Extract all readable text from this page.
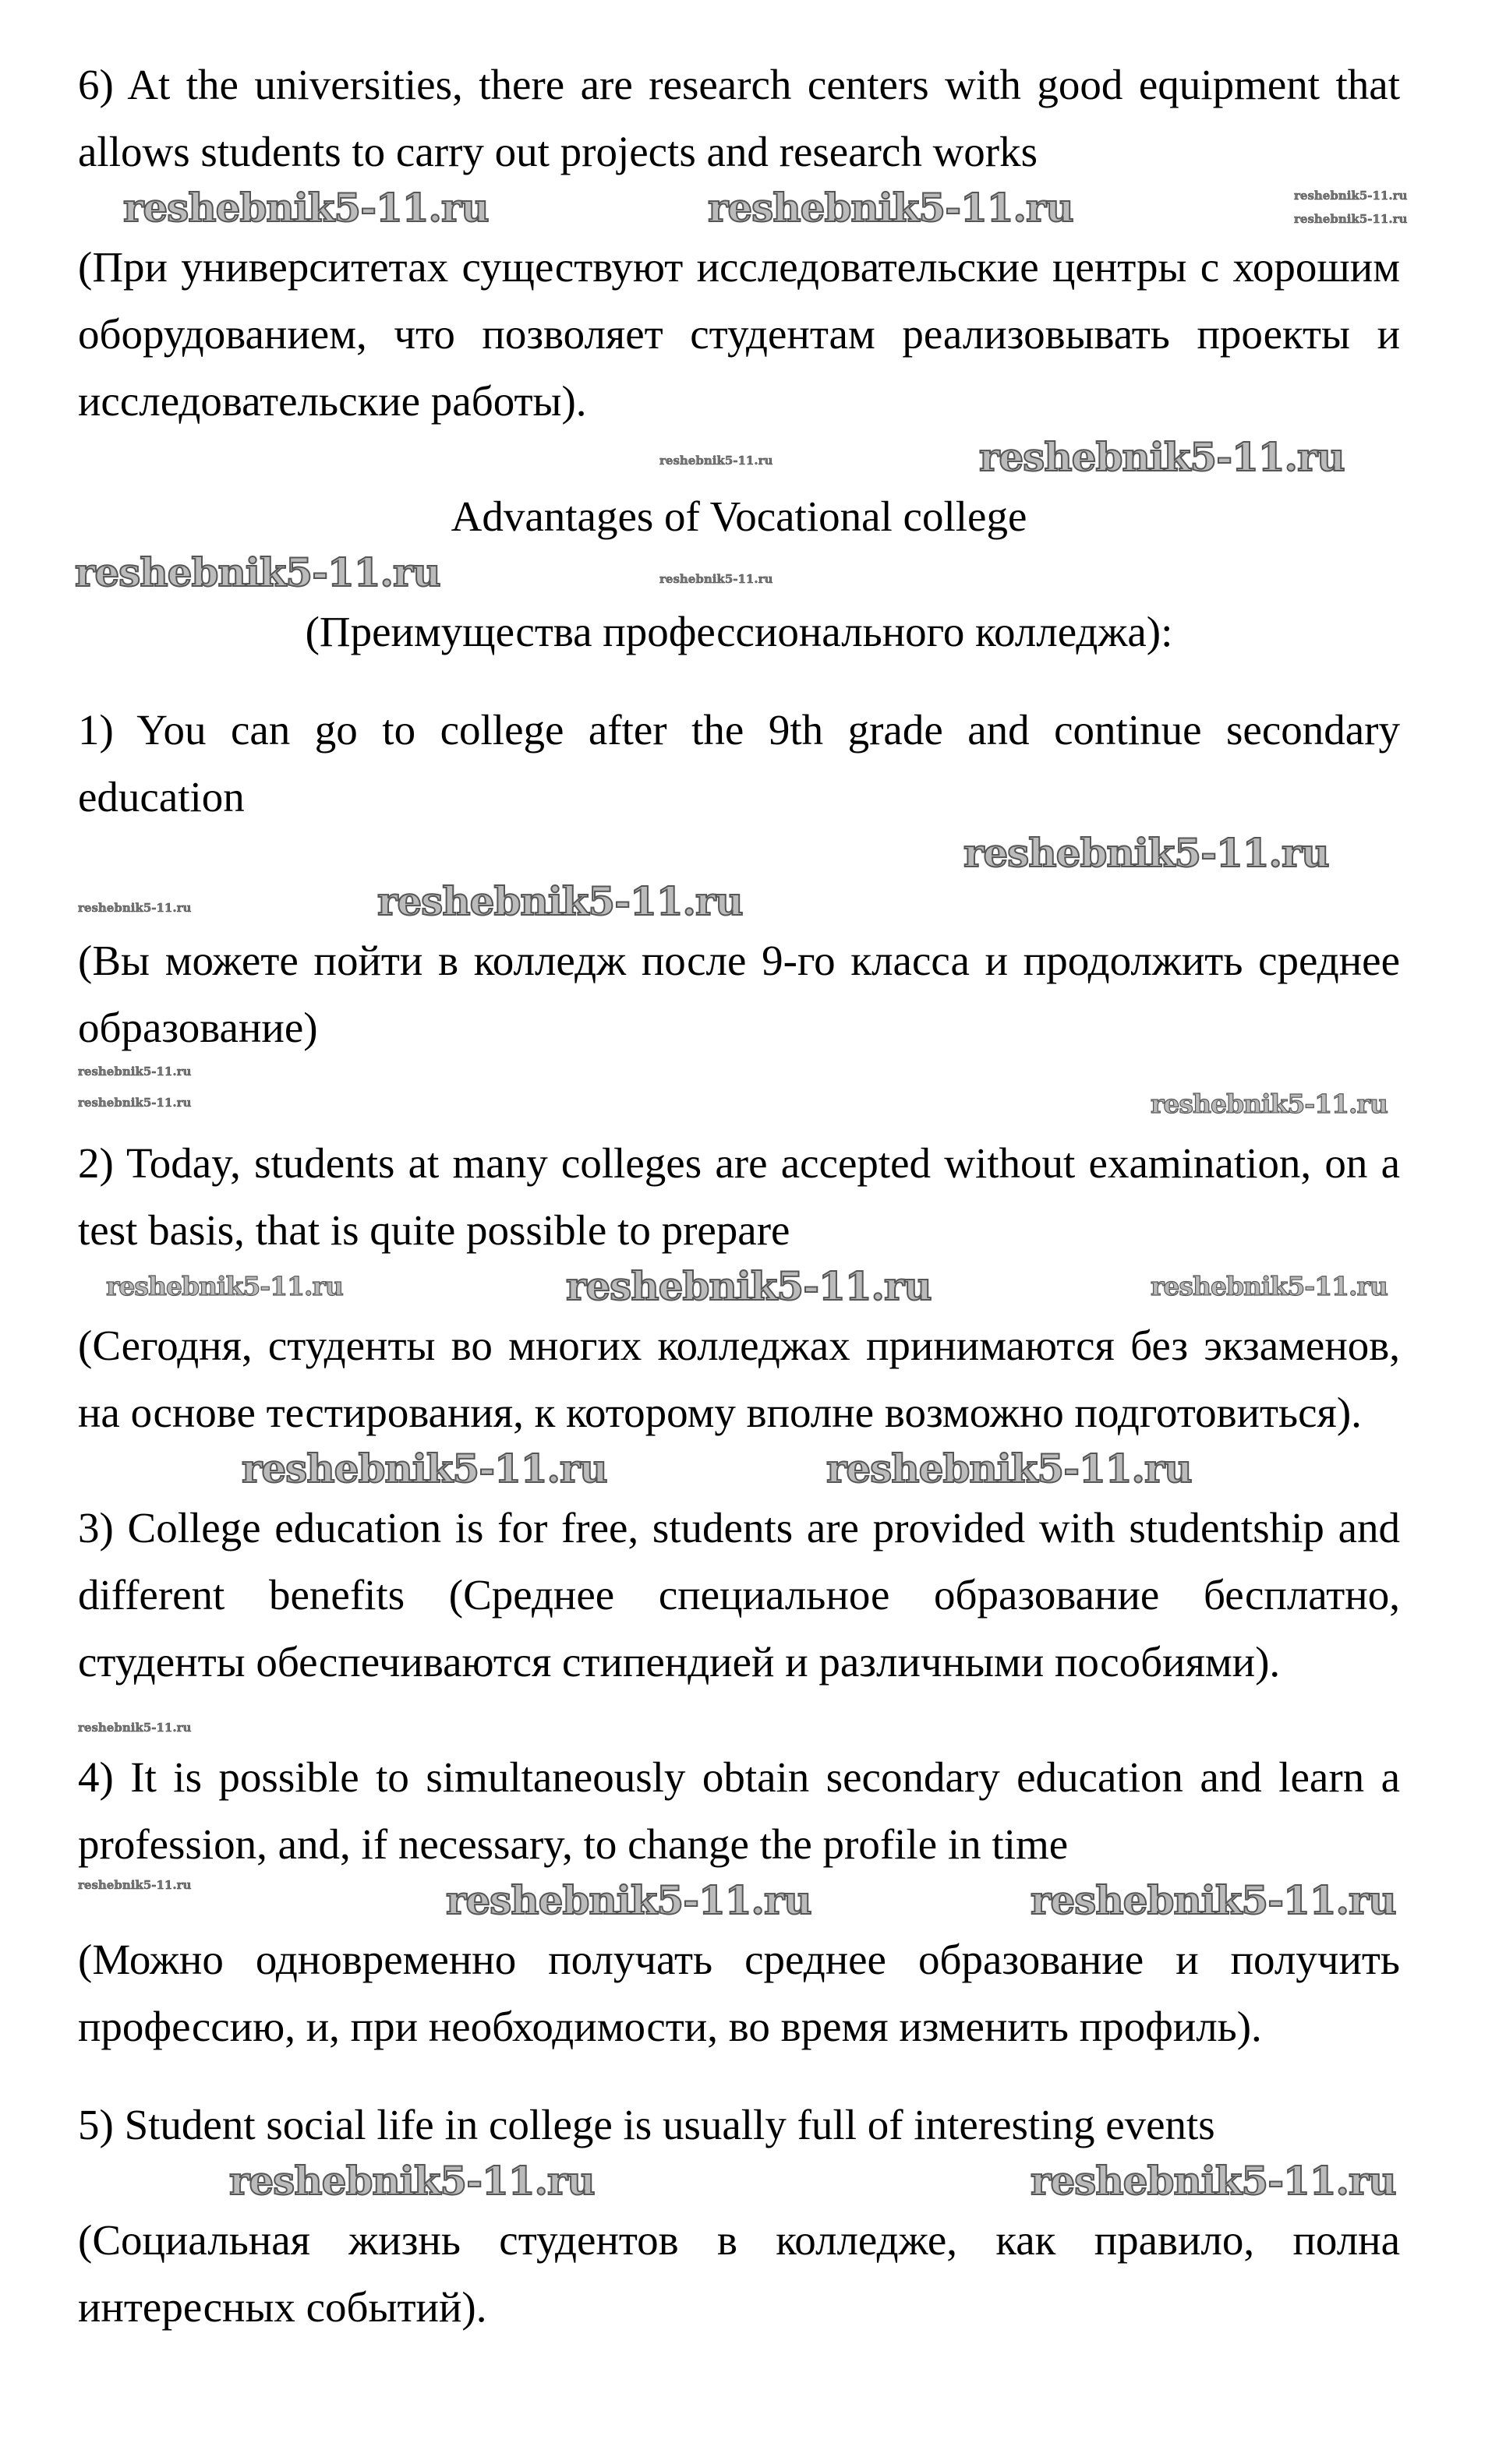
6) At the universities, there are research centers with good equipment that allows students to carry out projects and research works

reshebnik5-11.ru	reshebnik5-11.ru	reshebnik5-11.ru
reshebnik5-11.ru

(При университетах существуют исследовательские центры с хорошим оборудованием, что позволяет студентам реализовывать проекты и исследовательские работы).

reshebnik5-11.ru	reshebnik5-11.ru

Advantages of Vocational college

reshebnik5-11.ru	reshebnik5-11.ru

(Преимущества профессионального колледжа):

1) You can go to college after the 9th grade and continue secondary education

reshebnik5-11.ru
reshebnik5-11.ru	reshebnik5-11.ru

(Вы можете пойти в колледж после 9-го класса и продолжить среднее образование)

reshebnik5-11.ru
reshebnik5-11.ru	reshebnik5-11.ru

2) Today, students at many colleges are accepted without examination, on a test basis, that is quite possible to prepare

reshebnik5-11.ru	reshebnik5-11.ru	reshebnik5-11.ru

(Сегодня, студенты во многих колледжах принимаются без экзаменов, на основе тестирования, к которому вполне возможно подготовиться).

reshebnik5-11.ru	reshebnik5-11.ru

3) College education is for free, students are provided with studentship and different benefits (Среднее специальное образование бесплатно, студенты обеспечиваются стипендией и различными пособиями).

reshebnik5-11.ru

4) It is possible to simultaneously obtain secondary education and learn a profession, and, if necessary, to change the profile in time

reshebnik5-11.ru	reshebnik5-11.ru	reshebnik5-11.ru

(Можно одновременно получать среднее образование и получить профессию, и, при необходимости, во время изменить профиль).

5) Student social life in college is usually full of interesting events

reshebnik5-11.ru	reshebnik5-11.ru

(Социальная жизнь студентов в колледже, как правило, полна интересных событий).
